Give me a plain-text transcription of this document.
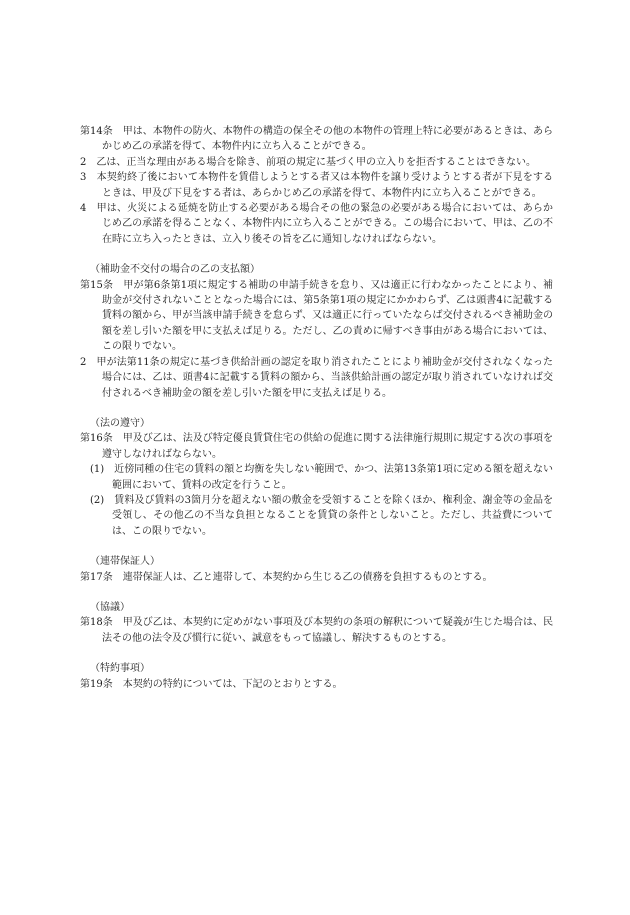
第14条　甲は、本物件の防火、本物件の構造の保全その他の本物件の管理上特に必要があるときは、あらかじめ乙の承諾を得て、本物件内に立ち入ることができる。
2　乙は、正当な理由がある場合を除き、前項の規定に基づく甲の立入りを拒否することはできない。
3　本契約終了後において本物件を賃借しようとする者又は本物件を譲り受けようとする者が下見をするときは、甲及び下見をする者は、あらかじめ乙の承諾を得て、本物件内に立ち入ることができる。
4　甲は、火災による延焼を防止する必要がある場合その他の緊急の必要がある場合においては、あらかじめ乙の承諾を得ることなく、本物件内に立ち入ることができる。この場合において、甲は、乙の不在時に立ち入ったときは、立入り後その旨を乙に通知しなければならない。
（補助金不交付の場合の乙の支払額）
第15条　甲が第6条第1項に規定する補助の申請手続きを怠り、又は適正に行わなかったことにより、補助金が交付されないこととなった場合には、第5条第1項の規定にかかわらず、乙は頭書4に記載する賃料の額から、甲が当該申請手続きを怠らず、又は適正に行っていたならば交付されるべき補助金の額を差し引いた額を甲に支払えば足りる。ただし、乙の責めに帰すべき事由がある場合においては、この限りでない。
2　甲が法第11条の規定に基づき供給計画の認定を取り消されたことにより補助金が交付されなくなった場合には、乙は、頭書4に記載する賃料の額から、当該供給計画の認定が取り消されていなければ交付されるべき補助金の額を差し引いた額を甲に支払えば足りる。
（法の遵守）
第16条　甲及び乙は、法及び特定優良賃貸住宅の供給の促進に関する法律施行規則に規定する次の事項を遵守しなければならない。
(1)　近傍同種の住宅の賃料の額と均衡を失しない範囲で、かつ、法第13条第1項に定める額を超えない範囲において、賃料の改定を行うこと。
(2)　賃料及び賃料の3箇月分を超えない額の敷金を受領することを除くほか、権利金、謝金等の金品を受領し、その他乙の不当な負担となることを賃貸の条件としないこと。ただし、共益費については、この限りでない。
（連帯保証人）
第17条　連帯保証人は、乙と連帯して、本契約から生じる乙の債務を負担するものとする。
（協議）
第18条　甲及び乙は、本契約に定めがない事項及び本契約の条項の解釈について疑義が生じた場合は、民法その他の法令及び慣行に従い、誠意をもって協議し、解決するものとする。
（特約事項）
第19条　本契約の特約については、下記のとおりとする。
